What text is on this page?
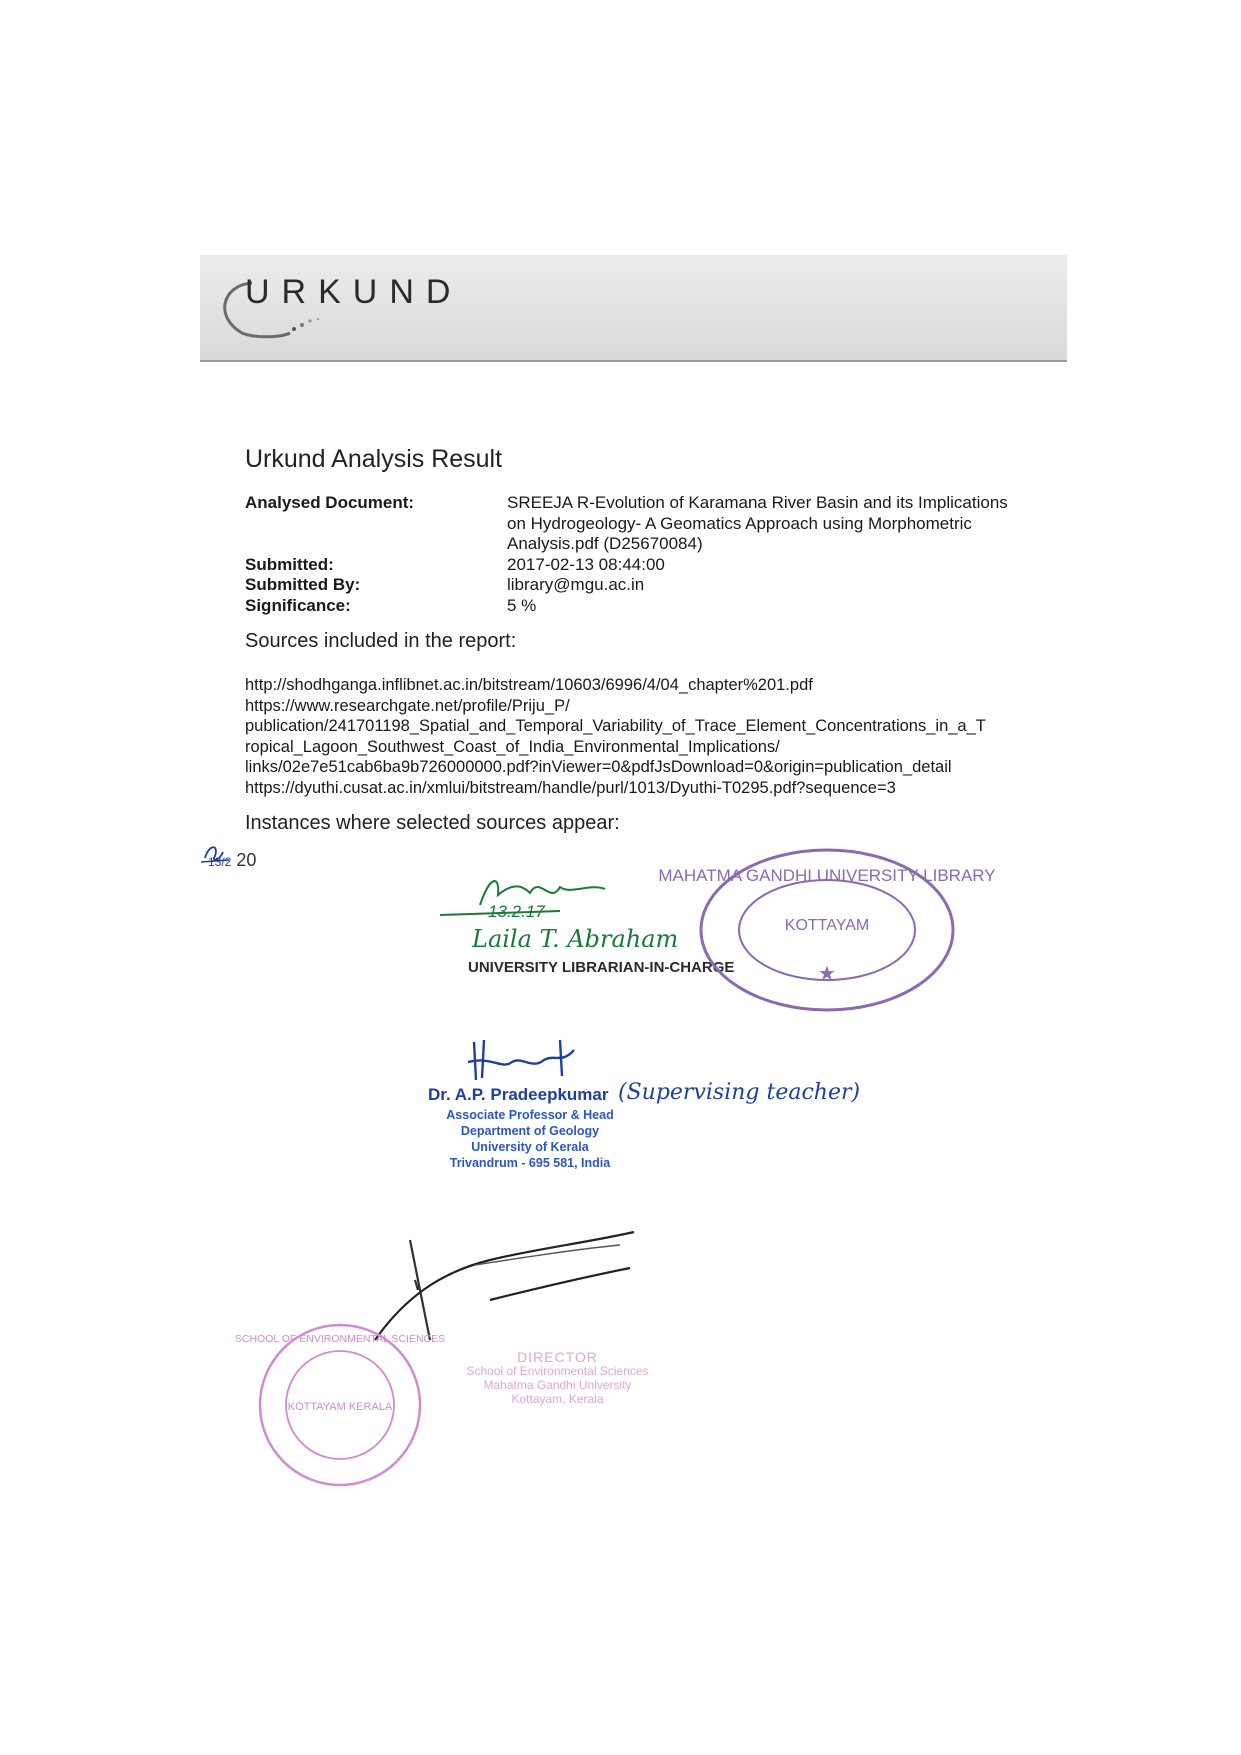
URKUND
Urkund Analysis Result
Analysed Document:	SREEJA R-Evolution of Karamana River Basin and its Implications
on Hydrogeology- A Geomatics Approach using Morphometric
Analysis.pdf (D25670084)
Submitted:	2017-02-13 08:44:00
Submitted By:	library@mgu.ac.in
Significance:	5 %
Sources included in the report:
http://shodhganga.inflibnet.ac.in/bitstream/10603/6996/4/04_chapter%201.pdf
https://www.researchgate.net/profile/Priju_P/
publication/241701198_Spatial_and_Temporal_Variability_of_Trace_Element_Concentrations_in_a_T
ropical_Lagoon_Southwest_Coast_of_India_Environmental_Implications/
links/02e7e51cab6ba9b726000000.pdf?inViewer=0&pdfJsDownload=0&origin=publication_detail
https://dyuthi.cusat.ac.in/xmlui/bitstream/handle/purl/1013/Dyuthi-T0295.pdf?sequence=3
Instances where selected sources appear:
13/2 20
13.2.17
Laila T. Abraham
UNIVERSITY LIBRARIAN-IN-CHARGE
MAHATMA GANDHI UNIVERSITY LIBRARY
KOTTAYAM
★
Dr. A.P. Pradeepkumar (Supervising teacher)
Associate Professor & Head
Department of Geology
University of Kerala
Trivandrum - 695 581, India
SCHOOL OF ENVIRONMENTAL SCIENCES
KOTTAYAM KERALA
DIRECTOR
School of Environmental Sciences
Mahatma Gandhi University
Kottayam, Kerala
